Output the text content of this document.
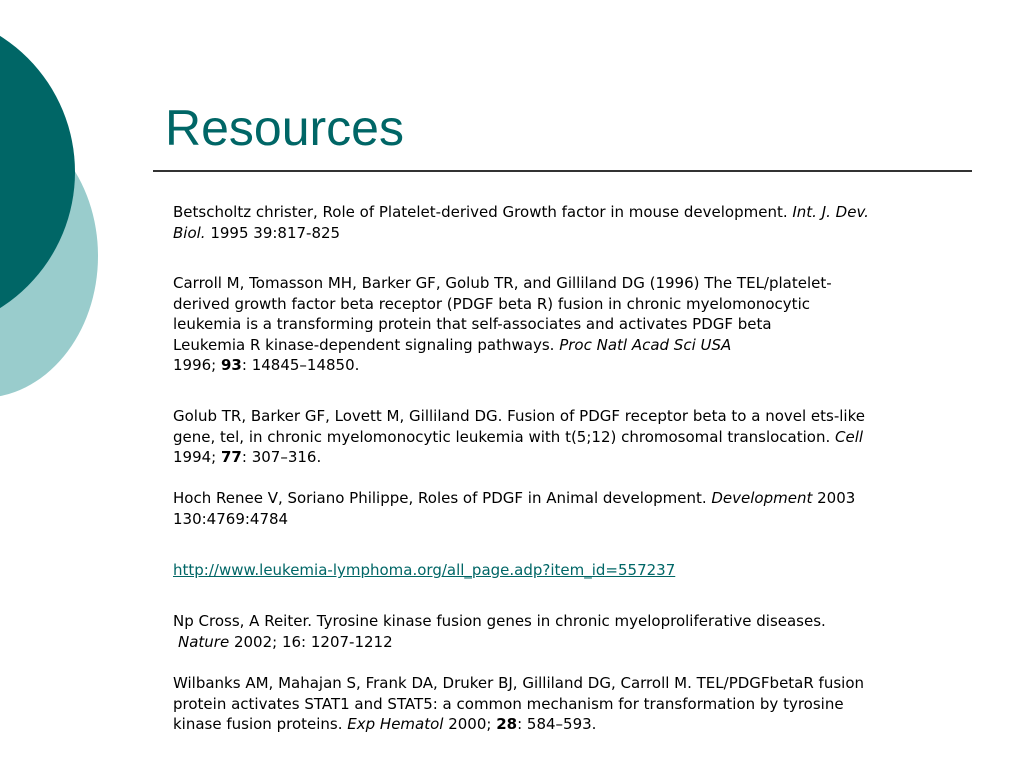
Resources

Betscholtz christer, Role of Platelet-derived Growth factor in mouse development. Int. J. Dev.
Biol. 1995 39:817-825

Carroll M, Tomasson MH, Barker GF, Golub TR, and Gilliland DG (1996) The TEL/platelet-
derived growth factor beta receptor (PDGF beta R) fusion in chronic myelomonocytic
leukemia is a transforming protein that self-associates and activates PDGF beta
Leukemia R kinase-dependent signaling pathways. Proc Natl Acad Sci USA
1996; 93: 14845–14850.

Golub TR, Barker GF, Lovett M, Gilliland DG. Fusion of PDGF receptor beta to a novel ets-like
gene, tel, in chronic myelomonocytic leukemia with t(5;12) chromosomal translocation. Cell
1994; 77: 307–316.

Hoch Renee V, Soriano Philippe, Roles of PDGF in Animal development. Development 2003
130:4769:4784

http://www.leukemia-lymphoma.org/all_page.adp?item_id=557237

Np Cross, A Reiter. Tyrosine kinase fusion genes in chronic myeloproliferative diseases.
Nature 2002; 16: 1207-1212

Wilbanks AM, Mahajan S, Frank DA, Druker BJ, Gilliland DG, Carroll M. TEL/PDGFbetaR fusion
protein activates STAT1 and STAT5: a common mechanism for transformation by tyrosine
kinase fusion proteins. Exp Hematol 2000; 28: 584–593.
